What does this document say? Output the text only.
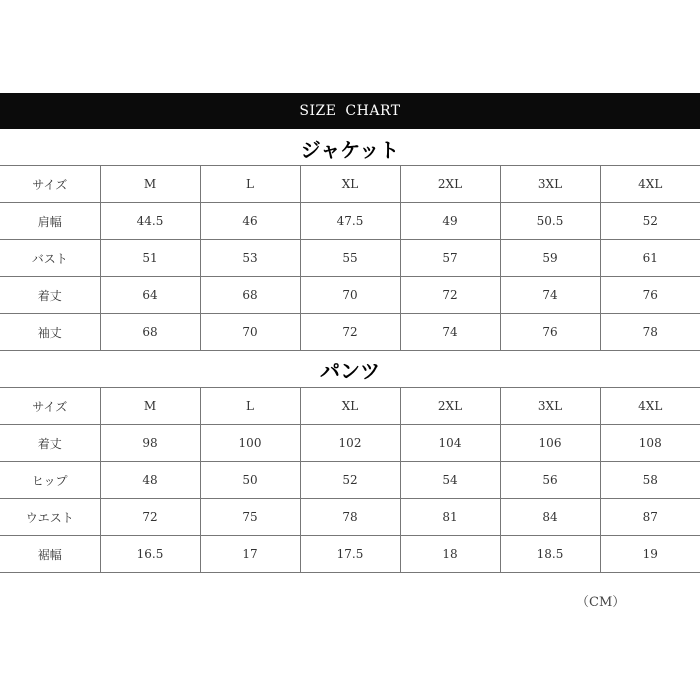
SIZE CHART
ジャケット
サイズ	M	L	XL	2XL	3XL	4XL
肩幅	44.5	46	47.5	49	50.5	52
バスト	51	53	55	57	59	61
着丈	64	68	70	72	74	76
袖丈	68	70	72	74	76	78
パンツ
サイズ	M	L	XL	2XL	3XL	4XL
着丈	98	100	102	104	106	108
ヒップ	48	50	52	54	56	58
ウエスト	72	75	78	81	84	87
裾幅	16.5	17	17.5	18	18.5	19
（CM）
